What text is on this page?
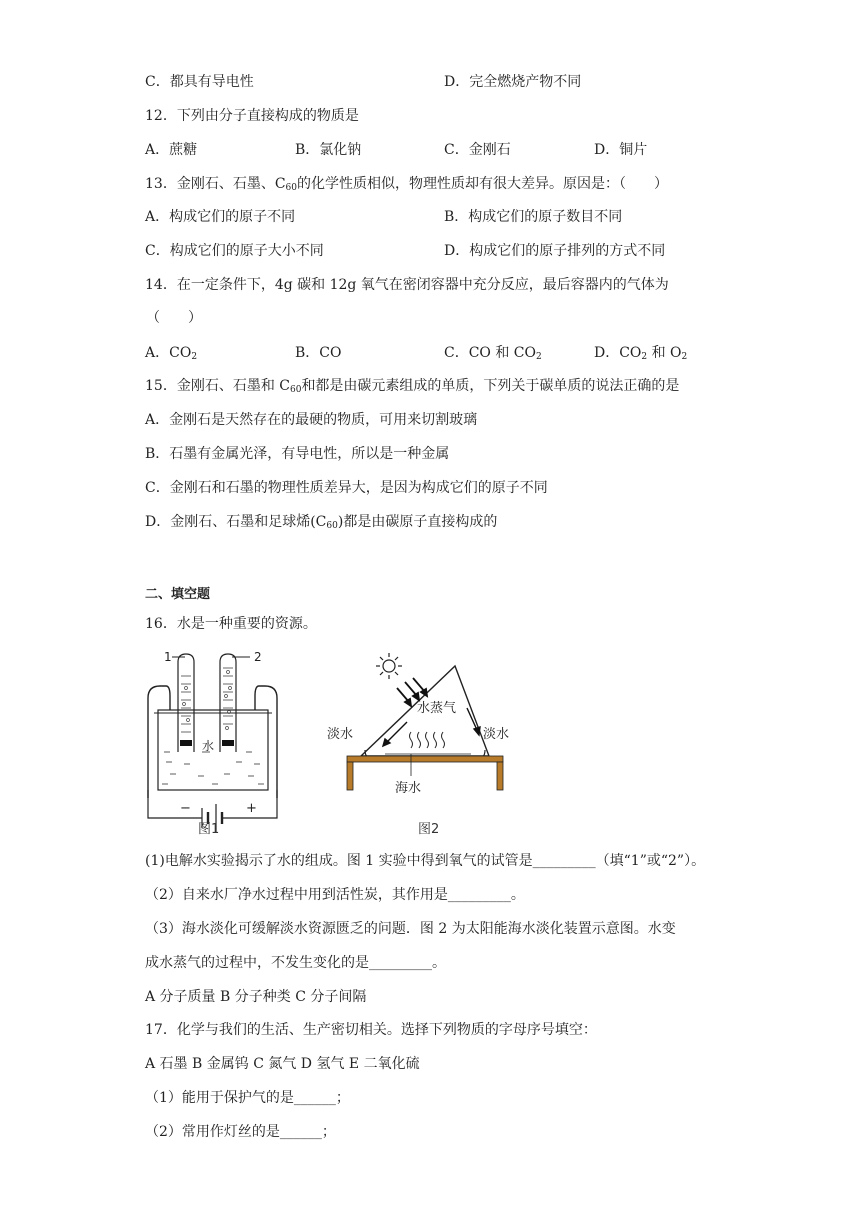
C．都具有导电性	D．完全燃烧产物不同
12．下列由分子直接构成的物质是
A．蔗糖	B．氯化钠	C．金刚石	D．铜片
13．金刚石、石墨、$C_{60}$的化学性质相似，物理性质却有很大差异。原因是：（　　）
A．构成它们的原子不同	B．构成它们的原子数目不同
C．构成它们的原子大小不同	D．构成它们的原子排列的方式不同
14．在一定条件下，4g 碳和 12g 氧气在密闭容器中充分反应，最后容器内的气体为
（　　）
A．$CO_2$	B．CO	C．CO 和 $CO_2$	D．$CO_2$ 和 $O_2$
15．金刚石、石墨和 $C_{60}$和都是由碳元素组成的单质，下列关于碳单质的说法正确的是
A．金刚石是天然存在的最硬的物质，可用来切割玻璃
B．石墨有金属光泽，有导电性，所以是一种金属
C．金刚石和石墨的物理性质差异大，是因为构成它们的原子不同
D．金刚石、石墨和足球烯$(C_{60})$都是由碳原子直接构成的
二、填空题
16．水是一种重要的资源。
1	2
水
−	+
图1
水蒸气
淡水	淡水
海水
图2
(1)电解水实验揭示了水的组成。图 1 实验中得到氧气的试管是_________（填“1”或“2”）。
（2）自来水厂净水过程中用到活性炭，其作用是_________。
（3）海水淡化可缓解淡水资源匮乏的问题．图 2 为太阳能海水淡化装置示意图。水变
成水蒸气的过程中，不发生变化的是_________。
A 分子质量 B 分子种类 C 分子间隔
17．化学与我们的生活、生产密切相关。选择下列物质的字母序号填空：
A 石墨 B 金属钨 C 氮气 D 氢气 E 二氧化硫
（1）能用于保护气的是______；
（2）常用作灯丝的是______；
